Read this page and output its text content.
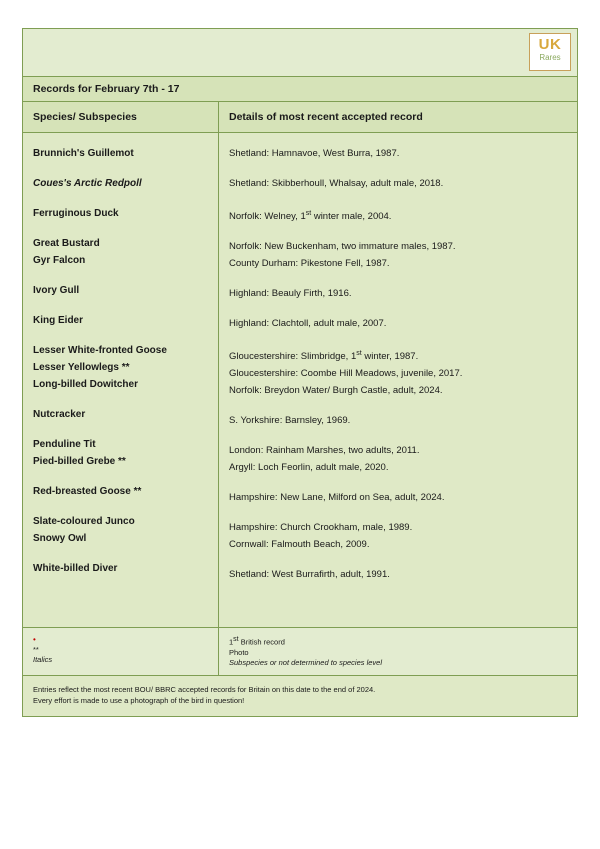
UK
Rares
Records for February 7th - 17
Species/ Subspecies	Details of most recent accepted record
Brunnich's Guillemot
Coues's Arctic Redpoll
Ferruginous Duck
Great Bustard
Gyr Falcon
Ivory Gull
King Eider
Lesser White-fronted Goose
Lesser Yellowlegs **
Long-billed Dowitcher
Nutcracker
Penduline Tit
Pied-billed Grebe **
Red-breasted Goose **
Slate-coloured Junco
Snowy Owl
White-billed Diver
Shetland: Hamnavoe, West Burra, 1987.
Shetland: Skibberhoull, Whalsay, adult male, 2018.
Norfolk: Welney, 1st winter male, 2004.
Norfolk: New Buckenham, two immature males, 1987.
County Durham: Pikestone Fell, 1987.
Highland: Beauly Firth, 1916.
Highland: Clachtoll, adult male, 2007.
Gloucestershire: Slimbridge, 1st winter, 1987.
Gloucestershire: Coombe Hill Meadows, juvenile, 2017.
Norfolk: Breydon Water/ Burgh Castle, adult, 2024.
S. Yorkshire: Barnsley, 1969.
London: Rainham Marshes, two adults, 2011.
Argyll: Loch Feorlin, adult male, 2020.
Hampshire: New Lane, Milford on Sea, adult, 2024.
Hampshire: Church Crookham, male, 1989.
Cornwall: Falmouth Beach, 2009.
Shetland: West Burrafirth, adult, 1991.
•
**
Italics
1st British record
Photo
Subspecies or not determined to species level
Entries reflect the most recent BOU/ BBRC accepted records for Britain on this date to the end of 2024.
Every effort is made to use a photograph of the bird in question!
